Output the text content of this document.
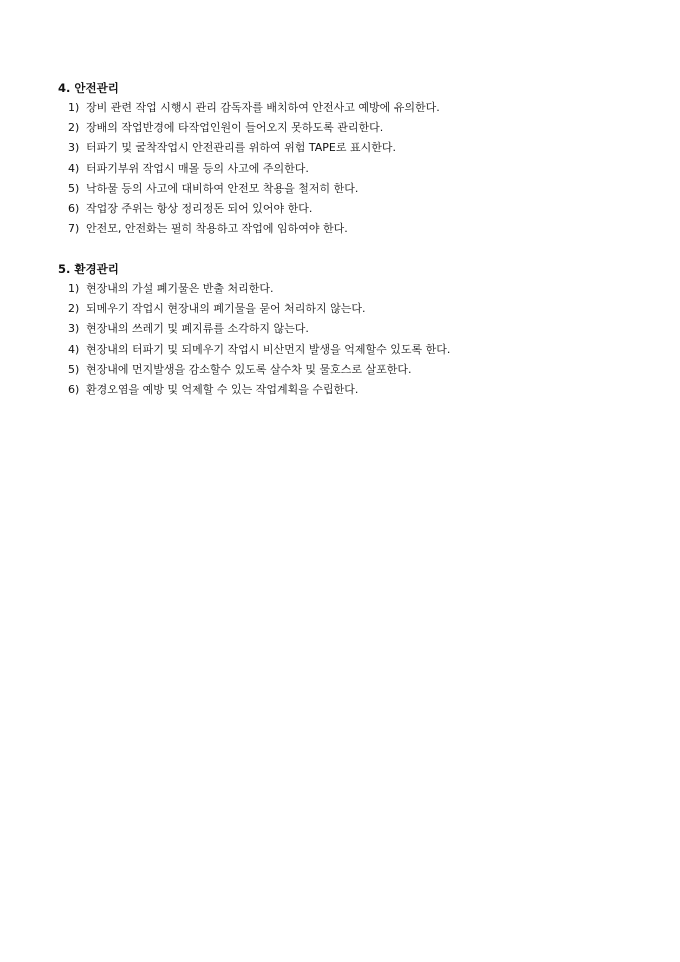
4. 안전관리
1) 장비 관련 작업 시행시 관리 감독자를 배치하여 안전사고 예방에 유의한다.
2) 장배의 작업반경에 타작업인원이 들어오지 못하도록 관리한다.
3) 터파기 및 굴착작업시 안전관리를 위하여 위험 TAPE로 표시한다.
4) 터파기부위 작업시 매몰 등의 사고에 주의한다.
5) 낙하물 등의 사고에 대비하여 안전모 착용을 철저히 한다.
6) 작업장 주위는 항상 정리정돈 되어 있어야 한다.
7) 안전모, 안전화는 필히 착용하고 작업에 임하여야 한다.
5. 환경관리
1) 현장내의 가설 폐기물은 반출 처리한다.
2) 되메우기 작업시 현장내의 폐기물을 묻어 처리하지 않는다.
3) 현장내의 쓰레기 및 폐지류를 소각하지 않는다.
4) 현장내의 터파기 및 되메우기 작업시 비산먼지 발생을 억제할수 있도록 한다.
5) 현장내에 먼지발생을 감소할수 있도록 살수차 및 물호스로 살포한다.
6) 환경오염을 예방 및 억제할 수 있는 작업계획을 수립한다.
